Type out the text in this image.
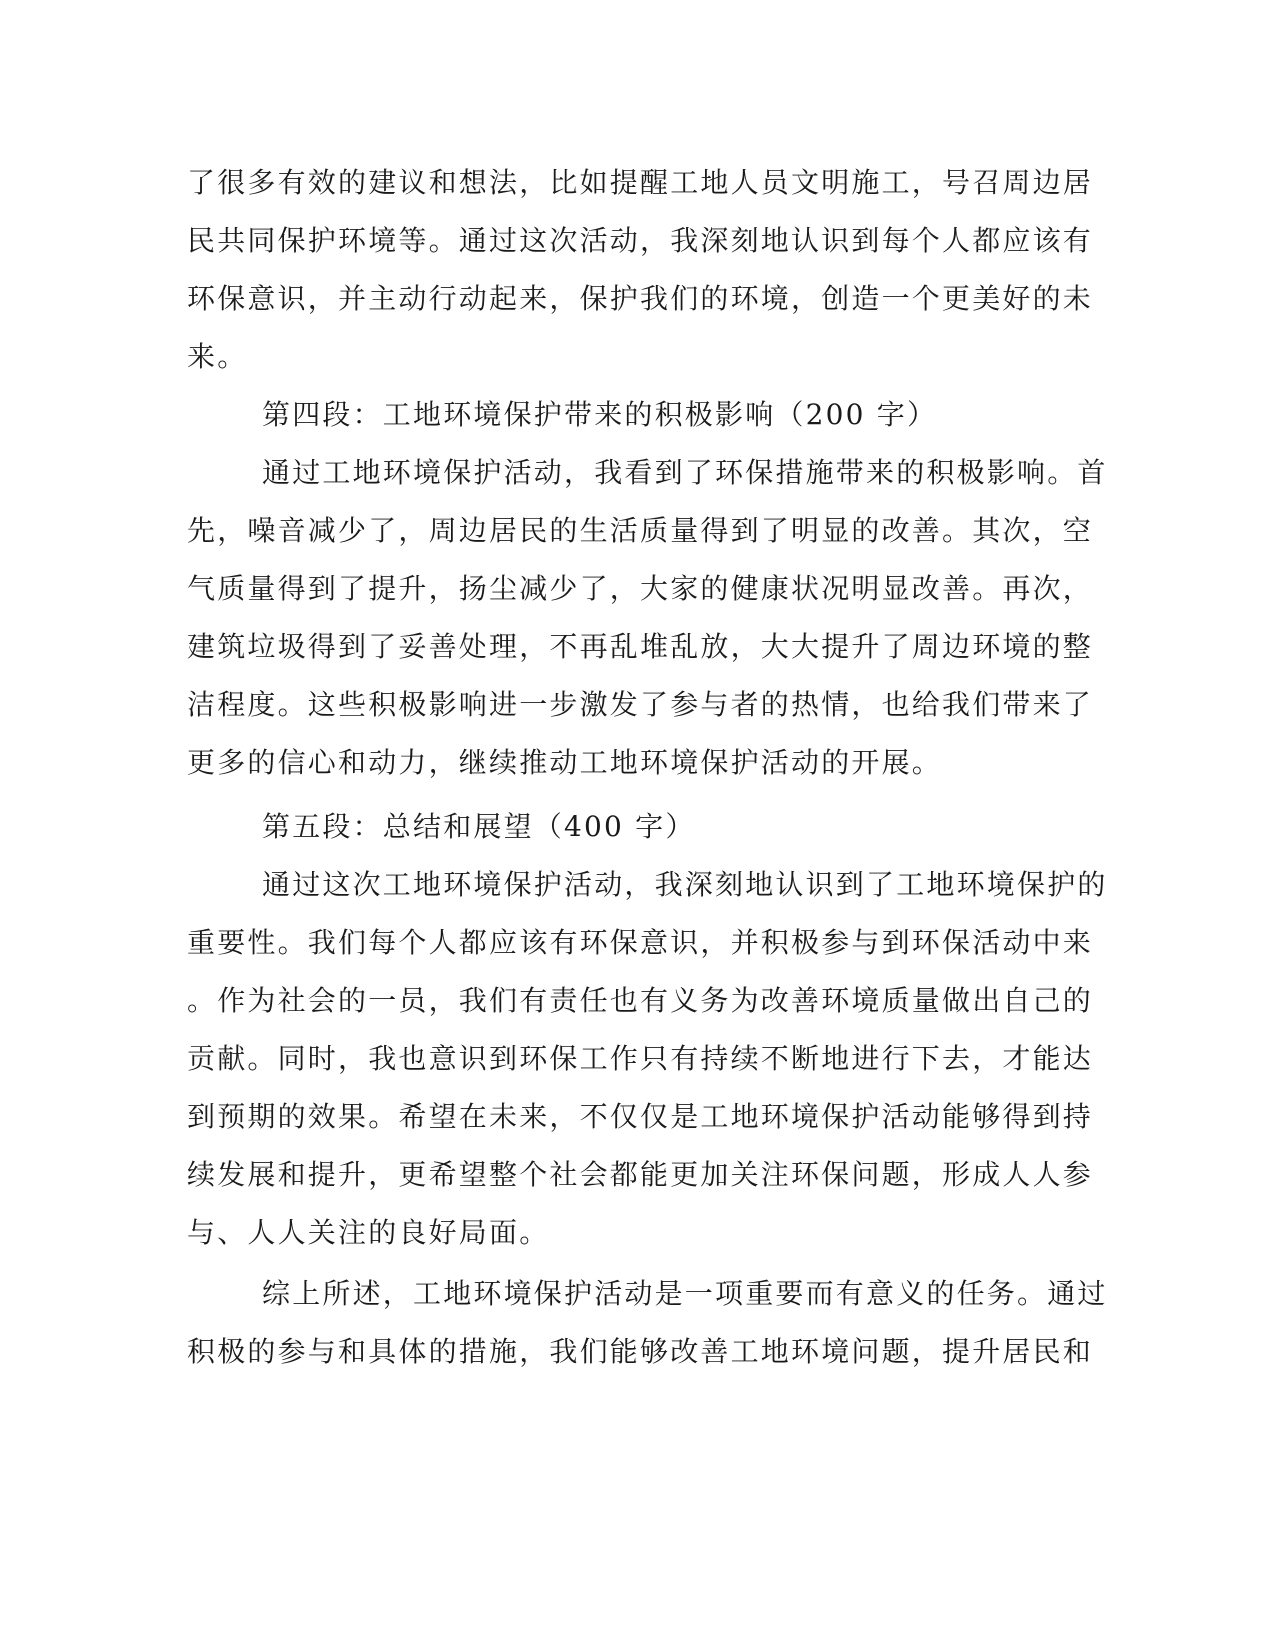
了很多有效的建议和想法，比如提醒工地人员文明施工，号召周边居
民共同保护环境等。通过这次活动，我深刻地认识到每个人都应该有
环保意识，并主动行动起来，保护我们的环境，创造一个更美好的未
来。
第四段：工地环境保护带来的积极影响（200 字）
通过工地环境保护活动，我看到了环保措施带来的积极影响。首
先，噪音减少了，周边居民的生活质量得到了明显的改善。其次，空
气质量得到了提升，扬尘减少了，大家的健康状况明显改善。再次，
建筑垃圾得到了妥善处理，不再乱堆乱放，大大提升了周边环境的整
洁程度。这些积极影响进一步激发了参与者的热情，也给我们带来了
更多的信心和动力，继续推动工地环境保护活动的开展。
第五段：总结和展望（400 字）
通过这次工地环境保护活动，我深刻地认识到了工地环境保护的
重要性。我们每个人都应该有环保意识，并积极参与到环保活动中来
。作为社会的一员，我们有责任也有义务为改善环境质量做出自己的
贡献。同时，我也意识到环保工作只有持续不断地进行下去，才能达
到预期的效果。希望在未来，不仅仅是工地环境保护活动能够得到持
续发展和提升，更希望整个社会都能更加关注环保问题，形成人人参
与、人人关注的良好局面。
综上所述，工地环境保护活动是一项重要而有意义的任务。通过
积极的参与和具体的措施，我们能够改善工地环境问题，提升居民和
